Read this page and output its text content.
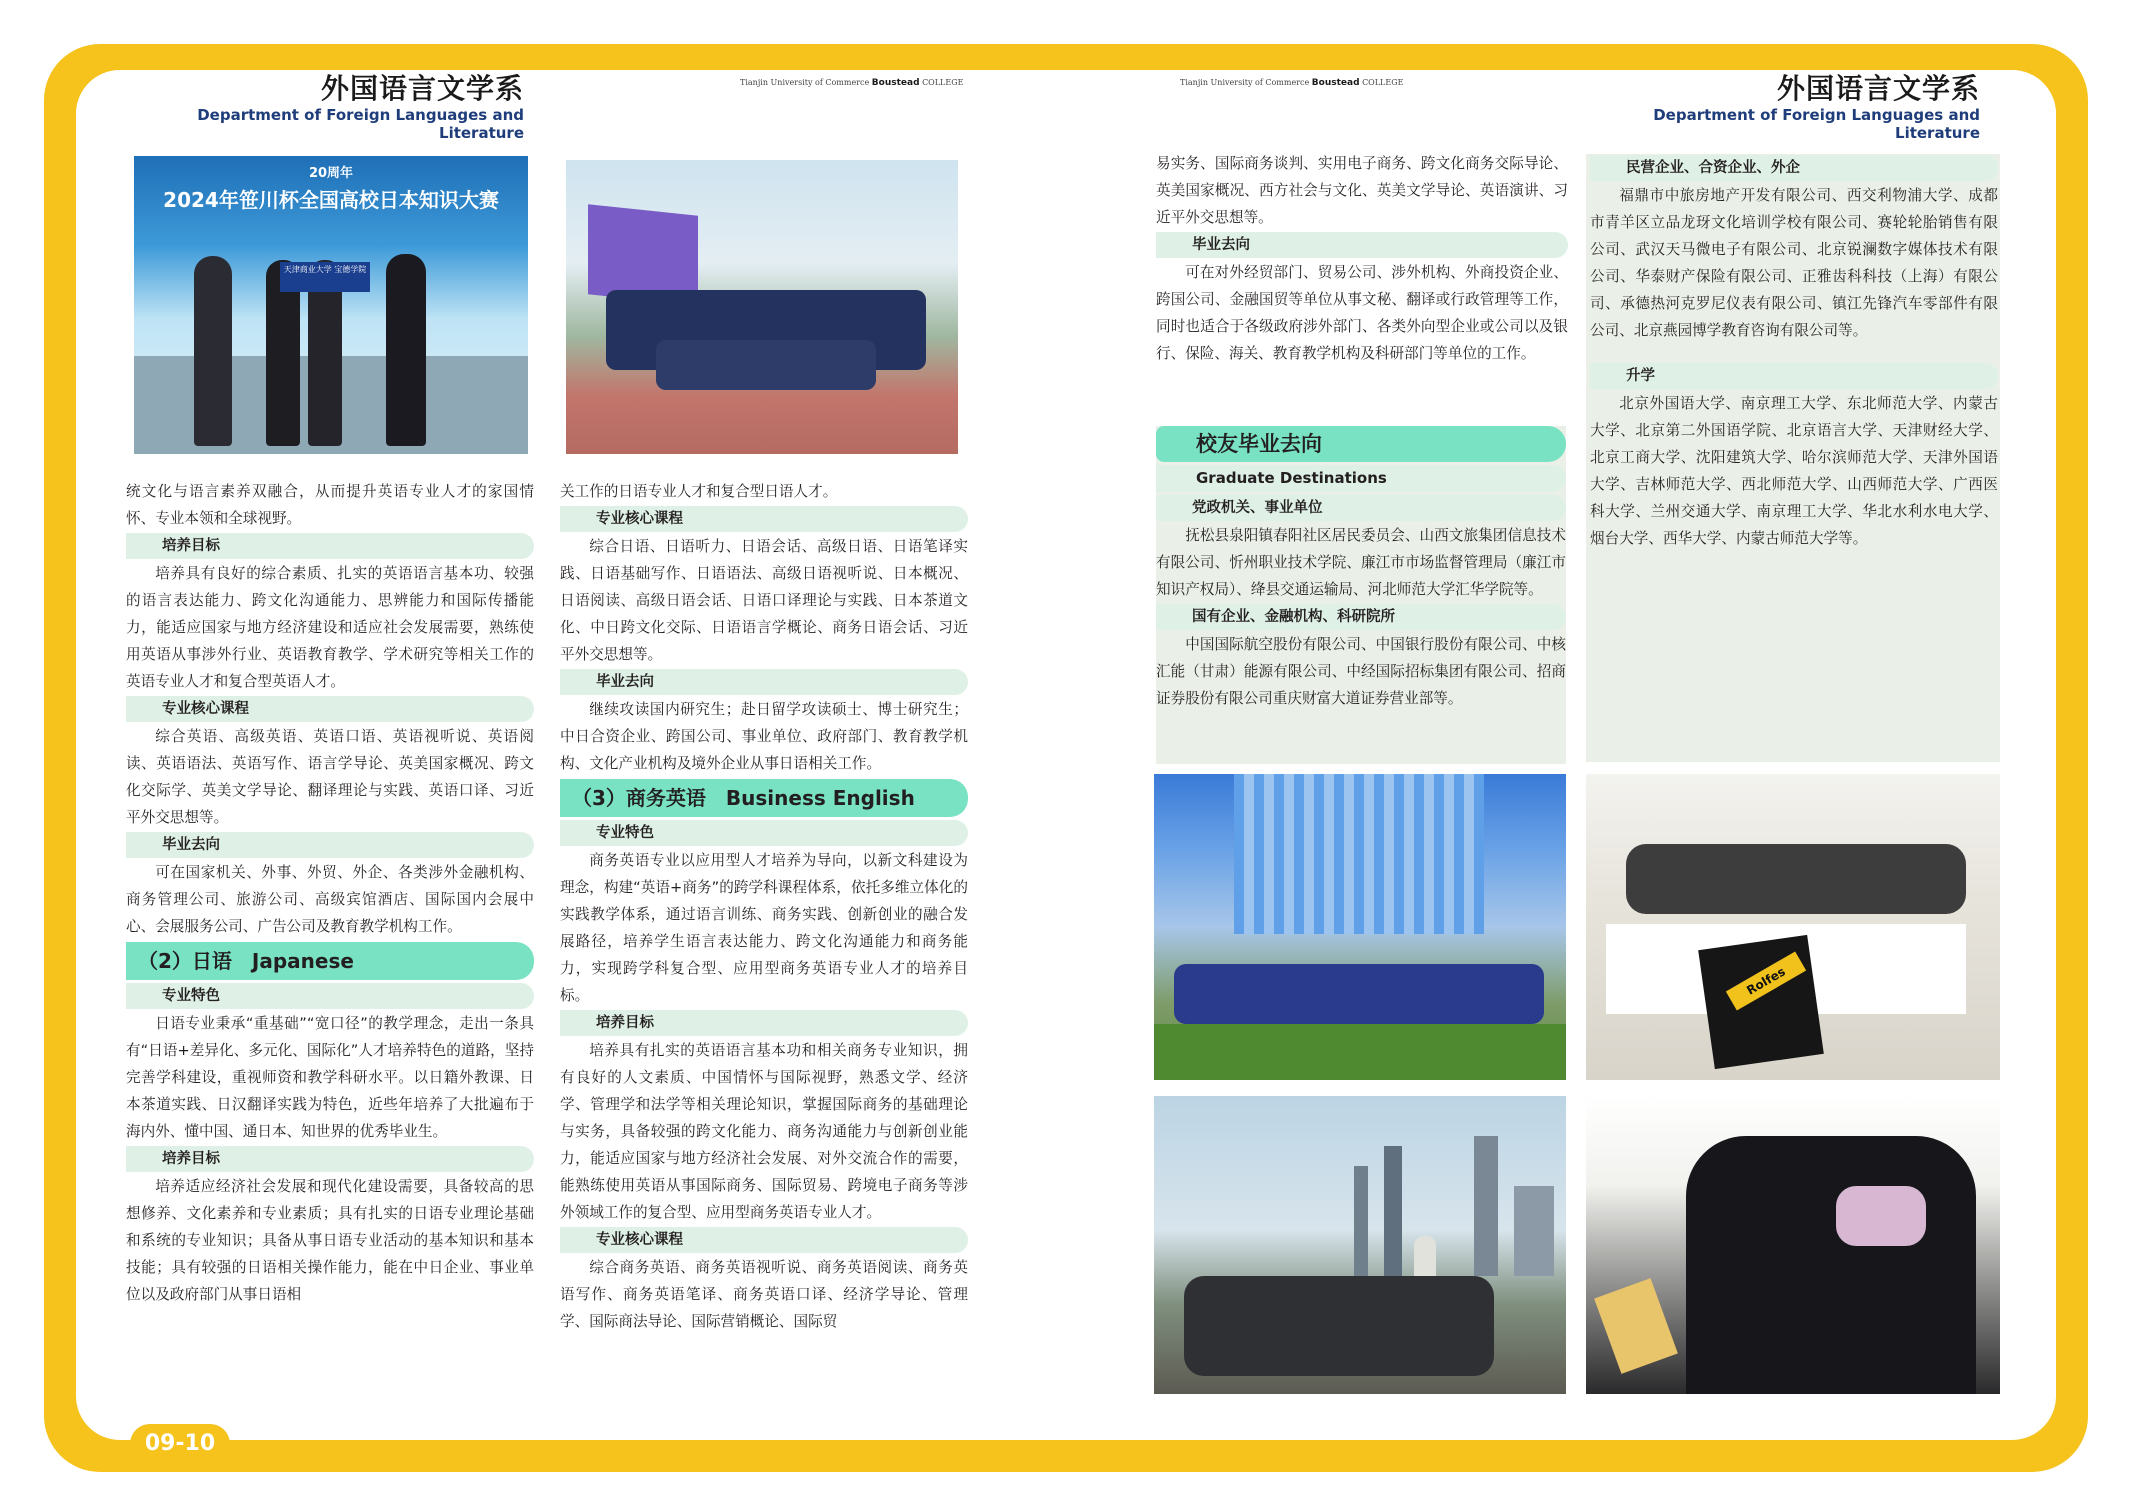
外国语言文学系
Department of Foreign Languages and Literature
外国语言文学系
Department of Foreign Languages and Literature
Tianjin University of Commerce Boustead COLLEGE	Tianjin University of Commerce Boustead COLLEGE
20周年
2024年笹川杯全国高校日本知识大赛
天津商业大学 宝德学院

统文化与语言素养双融合，从而提升英语专业人才的家国情怀、专业本领和全球视野。

培养目标

培养具有良好的综合素质、扎实的英语语言基本功、较强的语言表达能力、跨文化沟通能力、思辨能力和国际传播能力，能适应国家与地方经济建设和适应社会发展需要，熟练使用英语从事涉外行业、英语教育教学、学术研究等相关工作的英语专业人才和复合型英语人才。

专业核心课程

综合英语、高级英语、英语口语、英语视听说、英语阅读、英语语法、英语写作、语言学导论、英美国家概况、跨文化交际学、英美文学导论、翻译理论与实践、英语口译、习近平外交思想等。

毕业去向

可在国家机关、外事、外贸、外企、各类涉外金融机构、商务管理公司、旅游公司、高级宾馆酒店、国际国内会展中心、会展服务公司、广告公司及教育教学机构工作。

（2）日语　Japanese
专业特色

日语专业秉承“重基础”“宽口径”的教学理念，走出一条具有“日语+差异化、多元化、国际化”人才培养特色的道路，坚持完善学科建设，重视师资和教学科研水平。以日籍外教课、日本茶道实践、日汉翻译实践为特色，近些年培养了大批遍布于海内外、懂中国、通日本、知世界的优秀毕业生。

培养目标

培养适应经济社会发展和现代化建设需要，具备较高的思想修养、文化素养和专业素质；具有扎实的日语专业理论基础和系统的专业知识；具备从事日语专业活动的基本知识和基本技能；具有较强的日语相关操作能力，能在中日企业、事业单位以及政府部门从事日语相

关工作的日语专业人才和复合型日语人才。

专业核心课程

综合日语、日语听力、日语会话、高级日语、日语笔译实践、日语基础写作、日语语法、高级日语视听说、日本概况、日语阅读、高级日语会话、日语口译理论与实践、日本茶道文化、中日跨文化交际、日语语言学概论、商务日语会话、习近平外交思想等。

毕业去向

继续攻读国内研究生；赴日留学攻读硕士、博士研究生；中日合资企业、跨国公司、事业单位、政府部门、教育教学机构、文化产业机构及境外企业从事日语相关工作。

（3）商务英语　Business English
专业特色

商务英语专业以应用型人才培养为导向，以新文科建设为理念，构建“英语+商务”的跨学科课程体系，依托多维立体化的实践教学体系，通过语言训练、商务实践、创新创业的融合发展路径，培养学生语言表达能力、跨文化沟通能力和商务能力，实现跨学科复合型、应用型商务英语专业人才的培养目标。

培养目标

培养具有扎实的英语语言基本功和相关商务专业知识，拥有良好的人文素质、中国情怀与国际视野，熟悉文学、经济学、管理学和法学等相关理论知识，掌握国际商务的基础理论与实务，具备较强的跨文化能力、商务沟通能力与创新创业能力，能适应国家与地方经济社会发展、对外交流合作的需要，能熟练使用英语从事国际商务、国际贸易、跨境电子商务等涉外领域工作的复合型、应用型商务英语专业人才。

专业核心课程

综合商务英语、商务英语视听说、商务英语阅读、商务英语写作、商务英语笔译、商务英语口译、经济学导论、管理学、国际商法导论、国际营销概论、国际贸

易实务、国际商务谈判、实用电子商务、跨文化商务交际导论、英美国家概况、西方社会与文化、英美文学导论、英语演讲、习近平外交思想等。

毕业去向

可在对外经贸部门、贸易公司、涉外机构、外商投资企业、跨国公司、金融国贸等单位从事文秘、翻译或行政管理等工作，同时也适合于各级政府涉外部门、各类外向型企业或公司以及银行、保险、海关、教育教学机构及科研部门等单位的工作。

校友毕业去向
Graduate Destinations
党政机关、事业单位

抚松县泉阳镇春阳社区居民委员会、山西文旅集团信息技术有限公司、忻州职业技术学院、廉江市市场监督管理局（廉江市知识产权局）、绛县交通运输局、河北师范大学汇华学院等。

国有企业、金融机构、科研院所

中国国际航空股份有限公司、中国银行股份有限公司、中核汇能（甘肃）能源有限公司、中经国际招标集团有限公司、招商证券股份有限公司重庆财富大道证券营业部等。

民营企业、合资企业、外企

福鼎市中旅房地产开发有限公司、西交利物浦大学、成都市青羊区立品龙玡文化培训学校有限公司、赛轮轮胎销售有限公司、武汉天马微电子有限公司、北京锐澜数字媒体技术有限公司、华泰财产保险有限公司、正雅齿科科技（上海）有限公司、承德热河克罗尼仪表有限公司、镇江先锋汽车零部件有限公司、北京燕园博学教育咨询有限公司等。

升学

北京外国语大学、南京理工大学、东北师范大学、内蒙古大学、北京第二外国语学院、北京语言大学、天津财经大学、北京工商大学、沈阳建筑大学、哈尔滨师范大学、天津外国语大学、吉林师范大学、西北师范大学、山西师范大学、广西医科大学、兰州交通大学、南京理工大学、华北水利水电大学、烟台大学、西华大学、内蒙古师范大学等。

Rolfes
09-10
